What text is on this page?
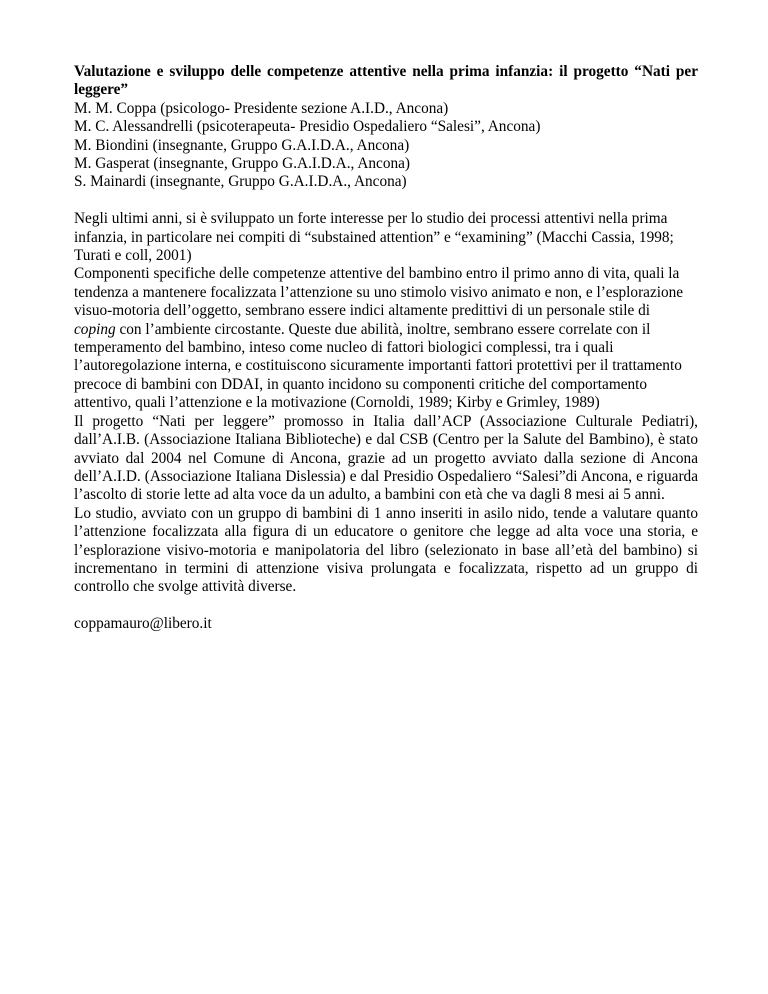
Valutazione e sviluppo delle competenze attentive nella prima infanzia: il progetto “Nati per leggere”

M. M. Coppa (psicologo- Presidente sezione A.I.D., Ancona)
M. C. Alessandrelli (psicoterapeuta- Presidio Ospedaliero “Salesi”, Ancona)
M. Biondini (insegnante, Gruppo G.A.I.D.A., Ancona)
M. Gasperat (insegnante, Gruppo G.A.I.D.A., Ancona)
S. Mainardi (insegnante, Gruppo G.A.I.D.A., Ancona)

Negli ultimi anni, si è sviluppato un forte interesse per lo studio dei processi attentivi nella prima
infanzia, in particolare nei compiti di “substained attention” e “examining” (Macchi Cassia, 1998;
Turati e coll, 2001)

Componenti specifiche delle competenze attentive del bambino entro il primo anno di vita, quali la
tendenza a mantenere focalizzata l’attenzione su uno stimolo visivo animato e non, e l’esplorazione
visuo-motoria dell’oggetto, sembrano essere indici altamente predittivi di un personale stile di
coping con l’ambiente circostante. Queste due abilità, inoltre, sembrano essere correlate con il
temperamento del bambino, inteso come nucleo di fattori biologici complessi, tra i quali
l’autoregolazione interna, e costituiscono sicuramente importanti fattori protettivi per il trattamento
precoce di bambini con DDAI, in quanto incidono su componenti critiche del comportamento
attentivo, quali l’attenzione e la motivazione (Cornoldi, 1989; Kirby e Grimley, 1989)

Il progetto “Nati per leggere” promosso in Italia dall’ACP (Associazione Culturale Pediatri), dall’A.I.B. (Associazione Italiana Biblioteche) e dal CSB (Centro per la Salute del Bambino), è stato avviato dal 2004 nel Comune di Ancona, grazie ad un progetto avviato dalla sezione di Ancona dell’A.I.D. (Associazione Italiana Dislessia) e dal Presidio Ospedaliero “Salesi”di Ancona, e riguarda l’ascolto di storie lette ad alta voce da un adulto, a bambini con età che va dagli 8 mesi ai 5 anni.

Lo studio, avviato con un gruppo di bambini di 1 anno inseriti in asilo nido, tende a valutare quanto l’attenzione focalizzata alla figura di un educatore o genitore che legge ad alta voce una storia, e l’esplorazione visivo-motoria e manipolatoria del libro (selezionato in base all’età del bambino) si incrementano in termini di attenzione visiva prolungata e focalizzata, rispetto ad un gruppo di controllo che svolge attività diverse.

coppamauro@libero.it
